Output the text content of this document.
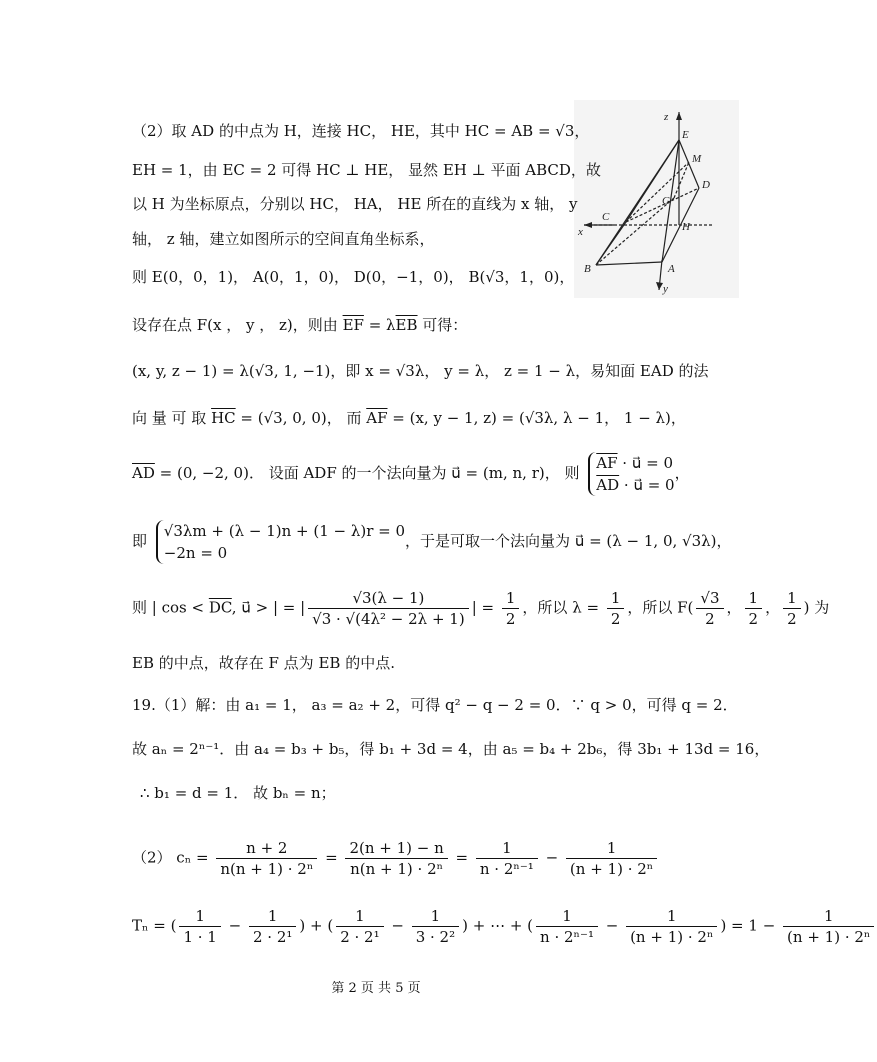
z
E
M
D
C
G
x	H
B	A
y
（2）取 AD 的中点为 H，连接 HC， HE，其中 HC = AB = √3，
EH = 1，由 EC = 2 可得 HC ⊥ HE， 显然 EH ⊥ 平面 ABCD，故
以 H 为坐标原点，分别以 HC， HA， HE 所在的直线为 x 轴， y
轴， z 轴，建立如图所示的空间直角坐标系，
则 E(0，0，1)， A(0，1，0)， D(0，−1，0)， B(√3，1，0)，
设存在点 F(x ， y ， z)，则由 $\overline{EF} = \lambda\overline{EB}$ 可得：
(x, y, z − 1) = λ(√3, 1, −1)，即 x = √3λ， y = λ， z = 1 − λ，易知面 EAD 的法
向 量 可 取 $\overline{HC} = (√3$, 0, 0)， 而 $\overline{AF} = (x$, y − 1, z) = (√3λ, λ − 1， 1 − λ)，
$\overline{AD} = (0$, −2, 0)． 设面 ADF 的一个法向量为 u⃗ = (m, n, r)， 则
$\overline{AF}$ · u⃗ = 0
$\overline{AD}$ · u⃗ = 0
，
即
√3λm + (λ − 1)n + (1 − λ)r = 0
−2n = 0
，于是可取一个法向量为 u⃗ = (λ − 1, 0, √3λ)，
则 | $\cos < \overline{DC}$, u⃗ > | = | $\frac{√3(\lambda - 1)}{\text{√3 · √(4λ² − 2λ + 1)}}$ | = $\frac{1}{2}$ ，所以 $\lambda = \frac{1}{2}$ ，所以 $F( \frac{√3}{2}$ ， $\frac{1}{2}$ ， $\frac{1}{2}$ ) 为
EB 的中点，故存在 F 点为 EB 的中点.
19.（1）解：由 a₁ = 1， a₃ = a₂ + 2，可得 q² − q − 2 = 0．∵ q > 0，可得 q = 2．
故 aₙ = 2ⁿ⁻¹．由 a₄ = b₃ + b₅，得 b₁ + 3d = 4，由 a₅ = b₄ + 2b₆，得 3b₁ + 13d = 16，
∴ b₁ = d = 1． 故 bₙ = n；
（2） $c_n = \frac{n + 2}{\text{n(n + 1) · 2ⁿ}} = \frac{2(n + 1) - n}{\text{n(n + 1) · 2ⁿ}} = \frac{1}{\text{n · 2ⁿ⁻¹}} - \frac{1}{\text{(n + 1) · 2ⁿ}}$
Tₙ = ( $\frac{1}{1 \cdot 1} - \frac{1}{\text{2 · 2¹}}$ ) + ( $\frac{1}{\text{2 · 2¹}} - \frac{1}{\text{3 · 2²}}$ ) + ⋯ + ( $\frac{1}{\text{n · 2ⁿ⁻¹}} - \frac{1}{\text{(n + 1) · 2ⁿ}}$ ) = $1 - \frac{1}{\text{(n + 1) · 2ⁿ}}$
第 2 页 共 5 页
